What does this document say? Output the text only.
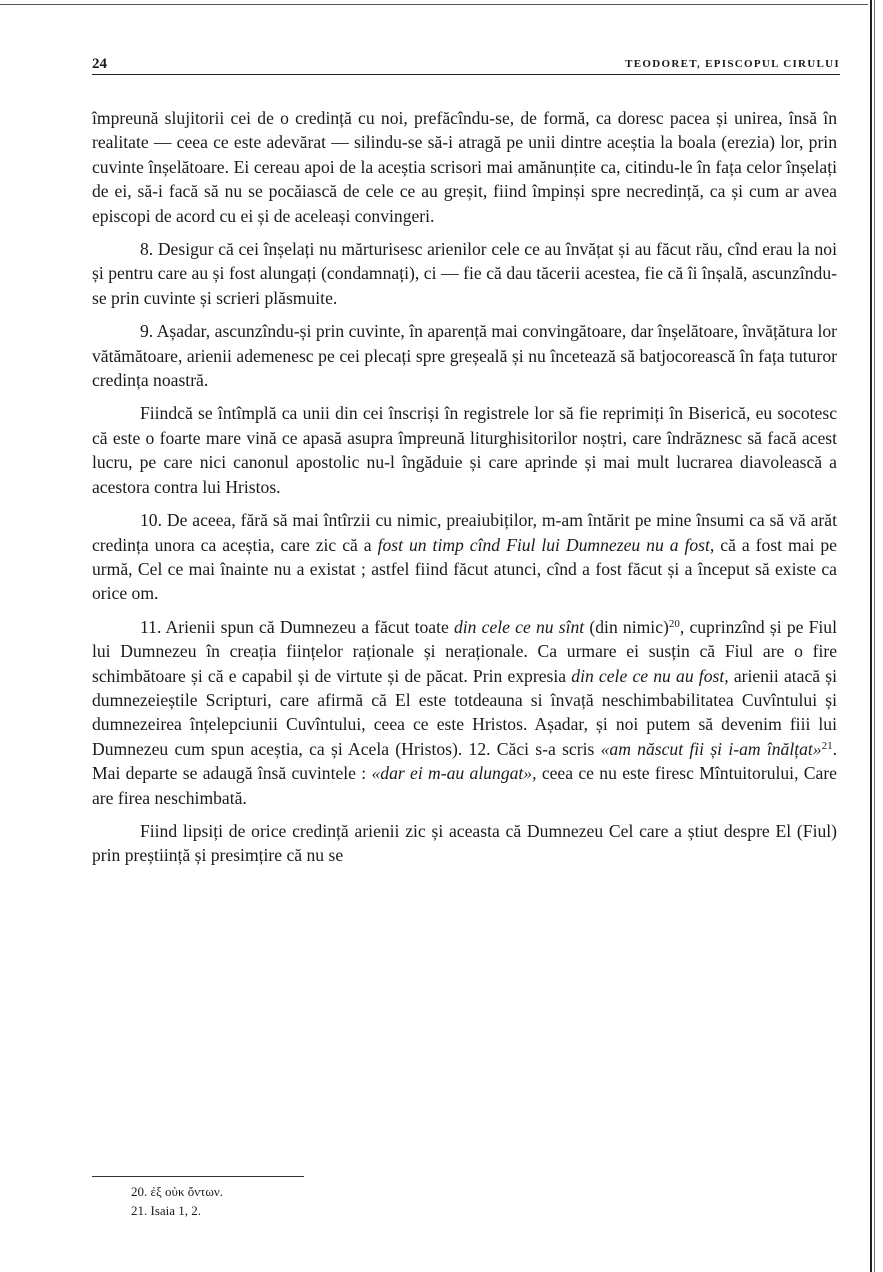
24	TEODORET, EPISCOPUL CIRULUI

împreună slujitorii cei de o credință cu noi, prefăcîndu-se, de formă, ca doresc pacea și unirea, însă în realitate — ceea ce este adevărat — silindu-se să-i atragă pe unii dintre aceștia la boala (erezia) lor, prin cuvinte înșelătoare. Ei cereau apoi de la aceștia scrisori mai amănunțite ca, citindu-le în fața celor înșelați de ei, să-i facă să nu se pocăiască de cele ce au greșit, fiind împinși spre necredință, ca și cum ar avea episcopi de acord cu ei și de aceleași convingeri.

8. Desigur că cei înșelați nu mărturisesc arienilor cele ce au învățat și au făcut rău, cînd erau la noi și pentru care au și fost alungați (condamnați), ci — fie că dau tăcerii acestea, fie că îi înșală, ascunzîndu-se prin cuvinte și scrieri plăsmuite.

9. Așadar, ascunzîndu-și prin cuvinte, în aparență mai convingătoare, dar înșelătoare, învățătura lor vătămătoare, arienii ademenesc pe cei plecați spre greșeală și nu încetează să batjocorească în fața tuturor credința noastră.

Fiindcă se întîmplă ca unii din cei înscriși în registrele lor să fie reprimiți în Biserică, eu socotesc că este o foarte mare vină ce apasă asupra împreună liturghisitorilor noștri, care îndrăznesc să facă acest lucru, pe care nici canonul apostolic nu-l îngăduie și care aprinde și mai mult lucrarea diavolească a acestora contra lui Hristos.

10. De aceea, fără să mai întîrzii cu nimic, preaiubiților, m-am întărit pe mine însumi ca să vă arăt credința unora ca aceștia, care zic că a fost un timp cînd Fiul lui Dumnezeu nu a fost, că a fost mai pe urmă, Cel ce mai înainte nu a existat ; astfel fiind făcut atunci, cînd a fost făcut și a început să existe ca orice om.

11. Arienii spun că Dumnezeu a făcut toate din cele ce nu sînt (din nimic)$^{20}$, cuprinzînd și pe Fiul lui Dumnezeu în creația ființelor raționale și neraționale. Ca urmare ei susțin că Fiul are o fire schimbătoare și că e capabil și de virtute și de păcat. Prin expresia din cele ce nu au fost, arienii atacă și dumnezeieștile Scripturi, care afirmă că El este totdeauna si învață neschimbabilitatea Cuvîntului și dumnezeirea înțelepciunii Cuvîntului, ceea ce este Hristos. Așadar, și noi putem să devenim fiii lui Dumnezeu cum spun aceștia, ca și Acela (Hristos). 12. Căci s-a scris «am născut fii și i-am înălțat»$^{21}$. Mai departe se adaugă însă cuvintele : «dar ei m-au alungat», ceea ce nu este firesc Mîntuitorului, Care are firea neschimbată.

Fiind lipsiți de orice credință arienii zic și aceasta că Dumnezeu Cel care a știut despre El (Fiul) prin preștiință și presimțire că nu se

20. ἐξ οὐκ ὄντων.
21. Isaia 1, 2.
